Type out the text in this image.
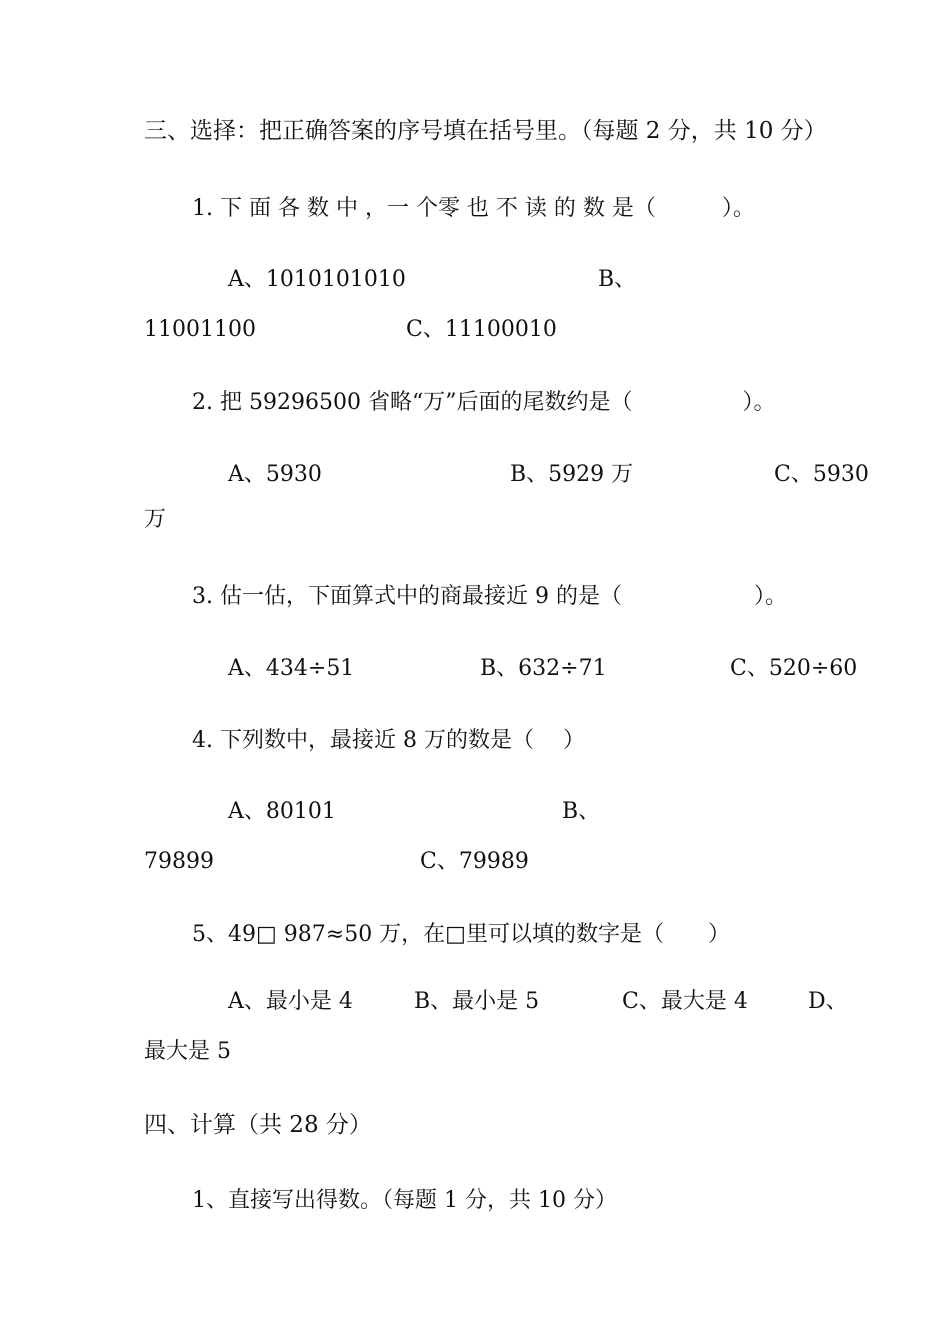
三、选择：把正确答案的序号填在括号里。（每题 2 分，共 10 分）
1. 下 面 各 数 中 ，一 个零 也 不 读 的 数 是（　　　）。
A、1010101010	B、
11001100	C、11100010
2. 把 59296500 省略“万”后面的尾数约是（　　　　　）。
A、5930	B、5929 万	C、5930
万
3. 估一估，下面算式中的商最接近 9 的是（　　　　　　）。
A、434÷51	B、632÷71	C、520÷60
4. 下列数中，最接近 8 万的数是（　 ）
A、80101	B、
79899	C、79989
5、49□ 987≈50 万，在□里可以填的数字是（　　）
A、最小是 4	B、最小是 5	C、最大是 4	D、
最大是 5
四、计算（共 28 分）
1、直接写出得数。（每题 1 分，共 10 分）
